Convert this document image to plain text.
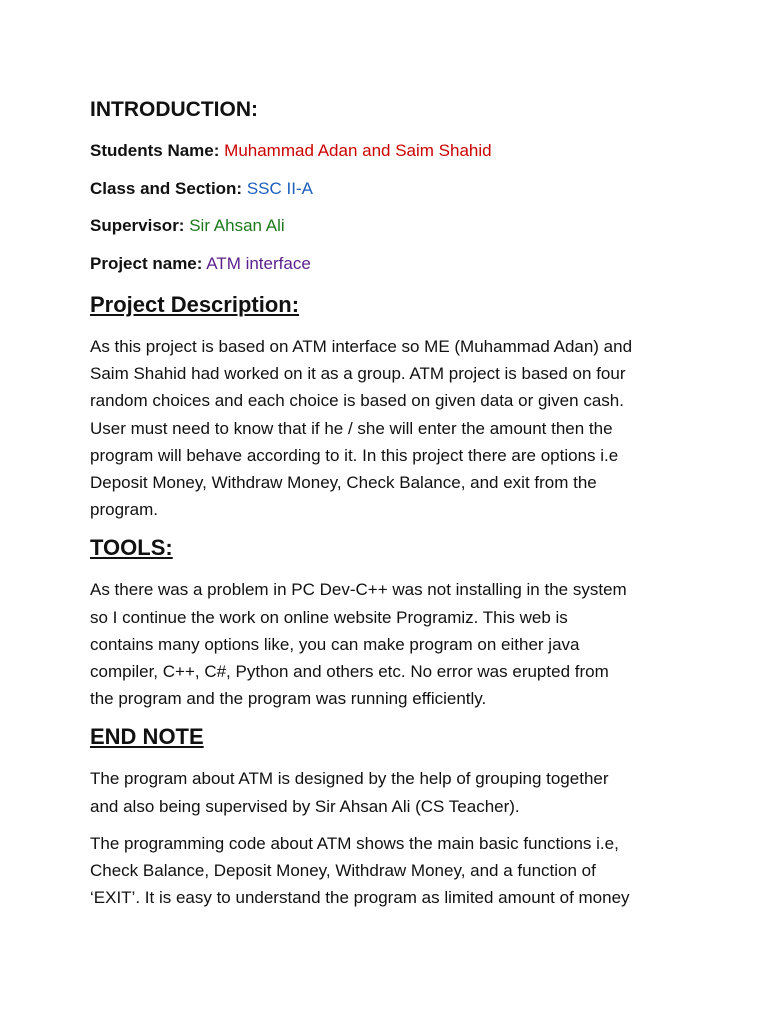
INTRODUCTION:
Students Name: Muhammad Adan and Saim Shahid
Class and Section: SSC II-A
Supervisor: Sir Ahsan Ali
Project name: ATM interface
Project Description:
As this project is based on ATM interface so ME (Muhammad Adan) and
Saim Shahid had worked on it as a group. ATM project is based on four
random choices and each choice is based on given data or given cash.
User must need to know that if he / she will enter the amount then the
program will behave according to it. In this project there are options i.e
Deposit Money, Withdraw Money, Check Balance, and exit from the
program.
TOOLS:
As there was a problem in PC Dev-C++ was not installing in the system
so I continue the work on online website Programiz. This web is
contains many options like, you can make program on either java
compiler, C++, C#, Python and others etc. No error was erupted from
the program and the program was running efficiently.
END NOTE
The program about ATM is designed by the help of grouping together
and also being supervised by Sir Ahsan Ali (CS Teacher).
The programming code about ATM shows the main basic functions i.e,
Check Balance, Deposit Money, Withdraw Money, and a function of
‘EXIT’. It is easy to understand the program as limited amount of money
